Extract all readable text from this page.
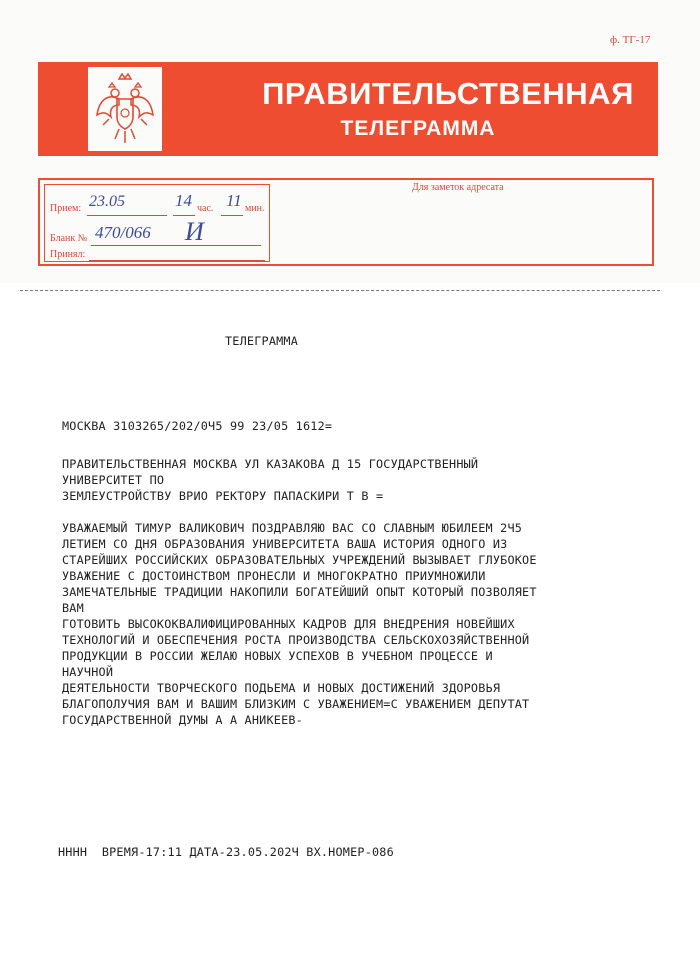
ф. ТГ-17
ПРАВИТЕЛЬСТВЕННАЯ
ТЕЛЕГРАММА
Прием: 23.05	14 час. 11 мин.
Бланк № 470/066 И
Принял:
Для заметок адресата
ТЕЛЕГРАММА
МОСКВА 3103265/202/0Ч5 99 23/05 1612=
ПРАВИТЕЛЬСТВЕННАЯ МОСКВА УЛ КАЗАКОВА Д 15 ГОСУДАРСТВЕННЫЙ
УНИВЕРСИТЕТ ПО
ЗЕМЛЕУСТРОЙСТВУ ВРИО РЕКТОРУ ПАПАСКИРИ Т В =
УВАЖАЕМЫЙ ТИМУР ВАЛИКОВИЧ ПОЗДРАВЛЯЮ ВАС СО СЛАВНЫМ ЮБИЛЕЕМ 2Ч5
ЛЕТИЕМ СО ДНЯ ОБРАЗОВАНИЯ УНИВЕРСИТЕТА ВАША ИСТОРИЯ ОДНОГО ИЗ
СТАРЕЙШИХ РОССИЙСКИХ ОБРАЗОВАТЕЛЬНЫХ УЧРЕЖДЕНИЙ ВЫЗЫВАЕТ ГЛУБОКОЕ
УВАЖЕНИЕ С ДОСТОИНСТВОМ ПРОНЕСЛИ И МНОГОКРАТНО ПРИУМНОЖИЛИ
ЗАМЕЧАТЕЛЬНЫЕ ТРАДИЦИИ НАКОПИЛИ БОГАТЕЙШИЙ ОПЫТ КОТОРЫЙ ПОЗВОЛЯЕТ
ВАМ
ГОТОВИТЬ ВЫСОКОКВАЛИФИЦИРОВАННЫХ КАДРОВ ДЛЯ ВНЕДРЕНИЯ НОВЕЙШИХ
ТЕХНОЛОГИЙ И ОБЕСПЕЧЕНИЯ РОСТА ПРОИЗВОДСТВА СЕЛЬСКОХОЗЯЙСТВЕННОЙ
ПРОДУКЦИИ В РОССИИ ЖЕЛАЮ НОВЫХ УСПЕХОВ В УЧЕБНОМ ПРОЦЕССЕ И
НАУЧНОЙ
ДЕЯТЕЛЬНОСТИ ТВОРЧЕСКОГО ПОДЬЕМА И НОВЫХ ДОСТИЖЕНИЙ ЗДОРОВЬЯ
БЛАГОПОЛУЧИЯ ВАМ И ВАШИМ БЛИЗКИМ С УВАЖЕНИЕМ=С УВАЖЕНИЕМ ДЕПУТАТ
ГОСУДАРСТВЕННОЙ ДУМЫ А А АНИКЕЕВ-
НННН  ВРЕМЯ-17:11 ДАТА-23.05.202Ч ВХ.НОМЕР-086
